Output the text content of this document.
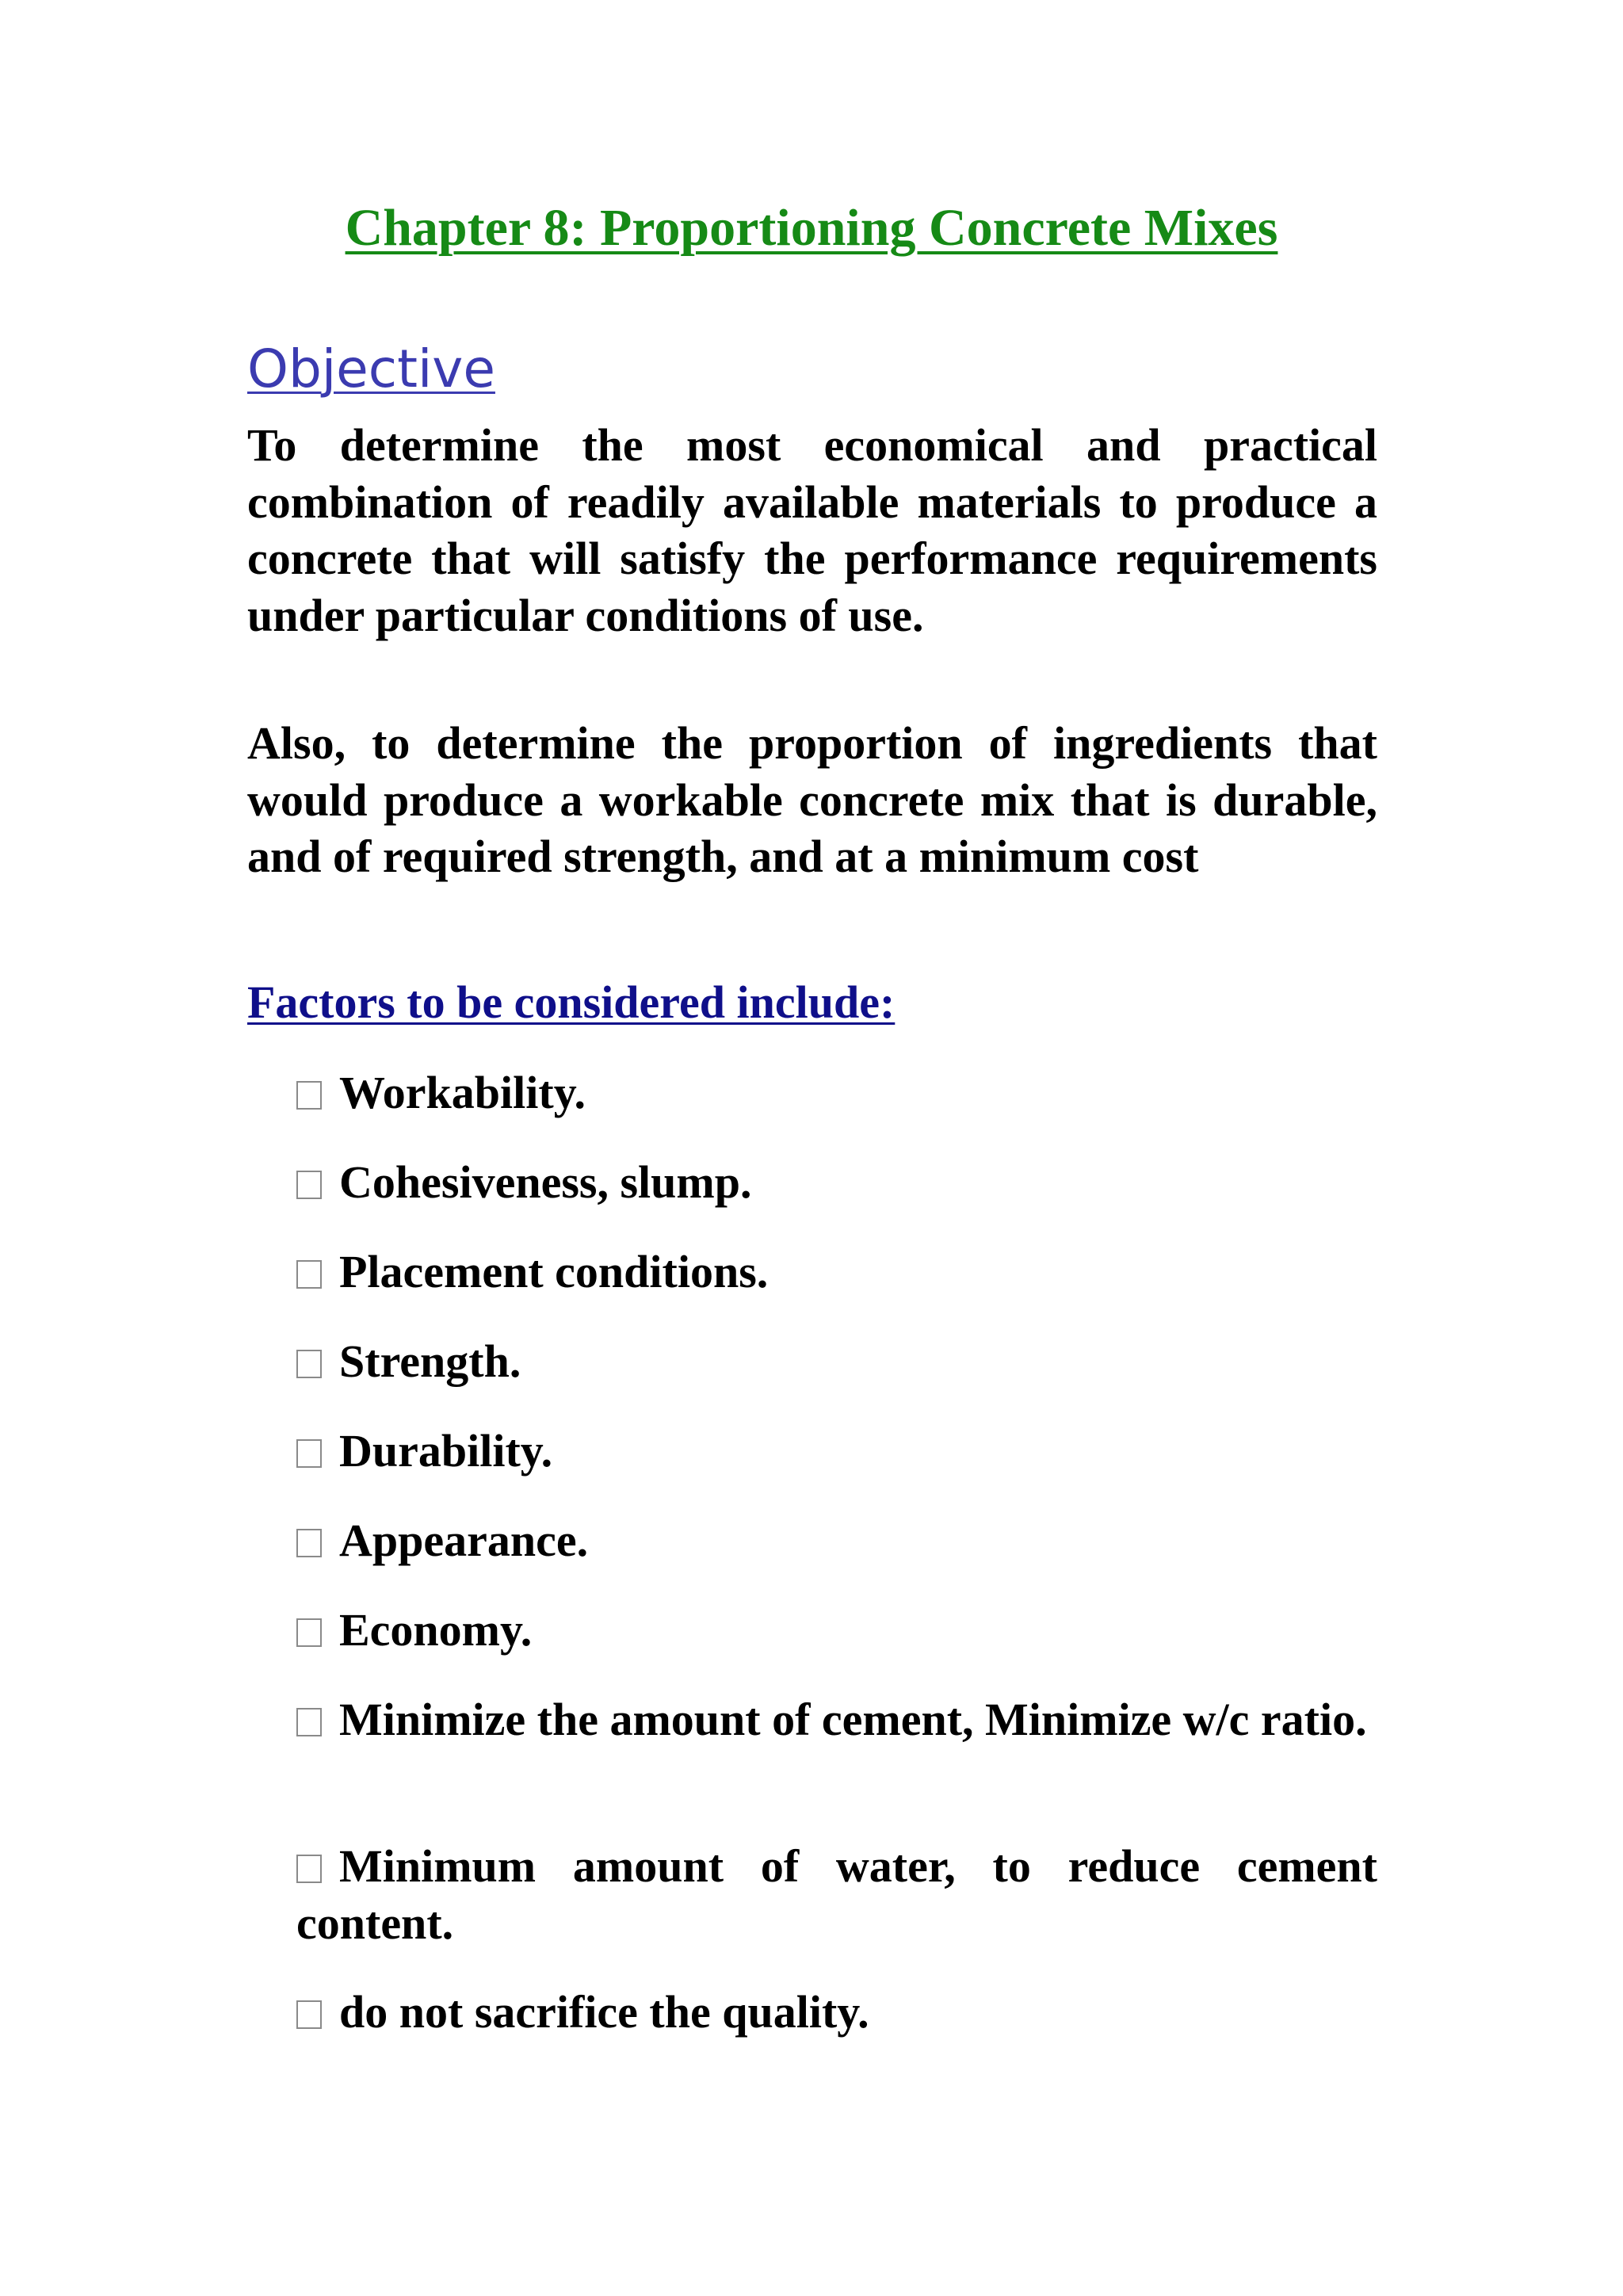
Chapter 8: Proportioning Concrete Mixes
Objective
To determine the most economical and practical combination of readily available materials to produce a concrete that will satisfy the performance requirements under particular conditions of use.
Also, to determine the proportion of ingredients that would produce a workable concrete mix that is durable, and of required strength, and at a minimum cost
Factors to be considered include:
Workability.
Cohesiveness, slump.
Placement conditions.
Strength.
Durability.
Appearance.
Economy.
Minimize the amount of cement, Minimize w/c ratio.
Minimum amount of water, to reduce cement content.
do not sacrifice the quality.
